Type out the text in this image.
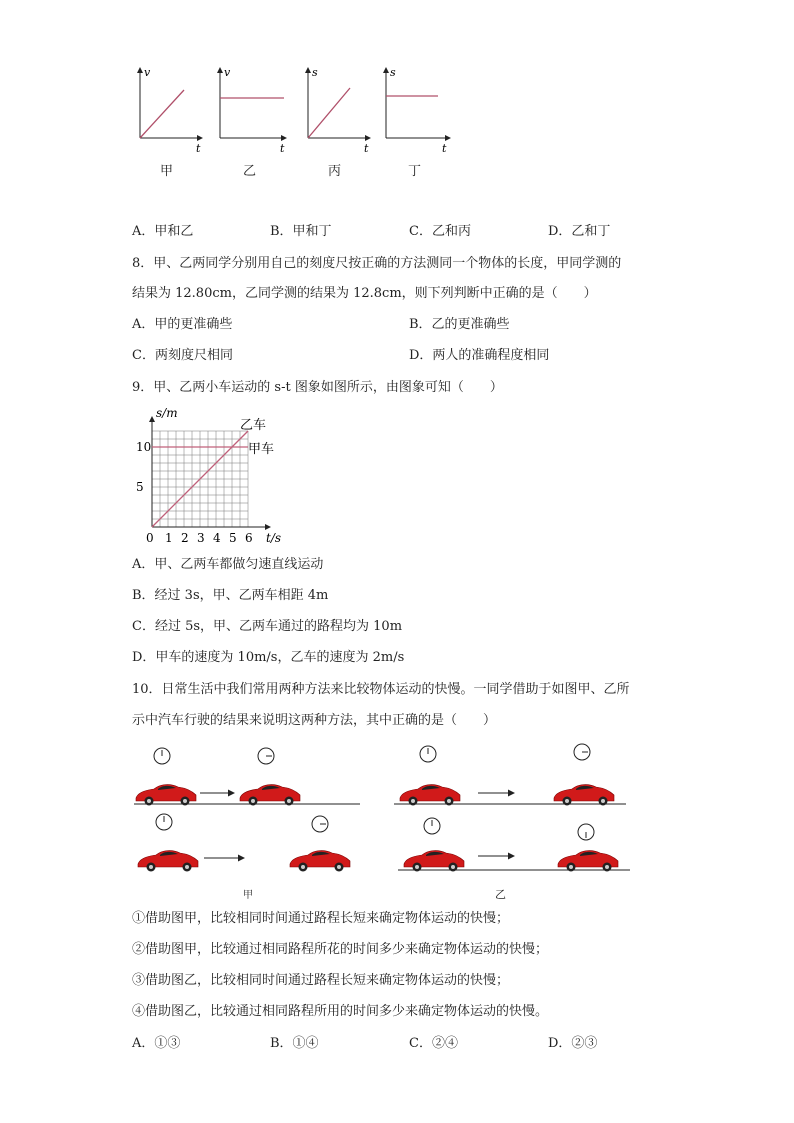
v
t
v
t
s
t
s
t
甲	乙	丙	丁
A．甲和乙	B．甲和丁	C．乙和丙	D．乙和丁
8．甲、乙两同学分别用自己的刻度尺按正确的方法测同一个物体的长度，甲同学测的
结果为 12.80cm，乙同学测的结果为 12.8cm，则下列判断中正确的是（　　）
A．甲的更准确些	B．乙的更准确些
C．两刻度尺相同	D．两人的准确程度相同
9．甲、乙两小车运动的 s-t 图象如图所示，由图象可知（　　）
s/m
t/s
0 1 2 3 4 5 6
5
10
乙车
甲车
A．甲、乙两车都做匀速直线运动
B．经过 3s，甲、乙两车相距 4m
C．经过 5s，甲、乙两车通过的路程均为 10m
D．甲车的速度为 10m/s，乙车的速度为 2m/s
10．日常生活中我们常用两种方法来比较物体运动的快慢。一同学借助于如图甲、乙所
示中汽车行驶的结果来说明这两种方法，其中正确的是（　　）
甲	乙
①借助图甲，比较相同时间通过路程长短来确定物体运动的快慢；
②借助图甲，比较通过相同路程所花的时间多少来确定物体运动的快慢；
③借助图乙，比较相同时间通过路程长短来确定物体运动的快慢；
④借助图乙，比较通过相同路程所用的时间多少来确定物体运动的快慢。
A．①③	B．①④	C．②④	D．②③
